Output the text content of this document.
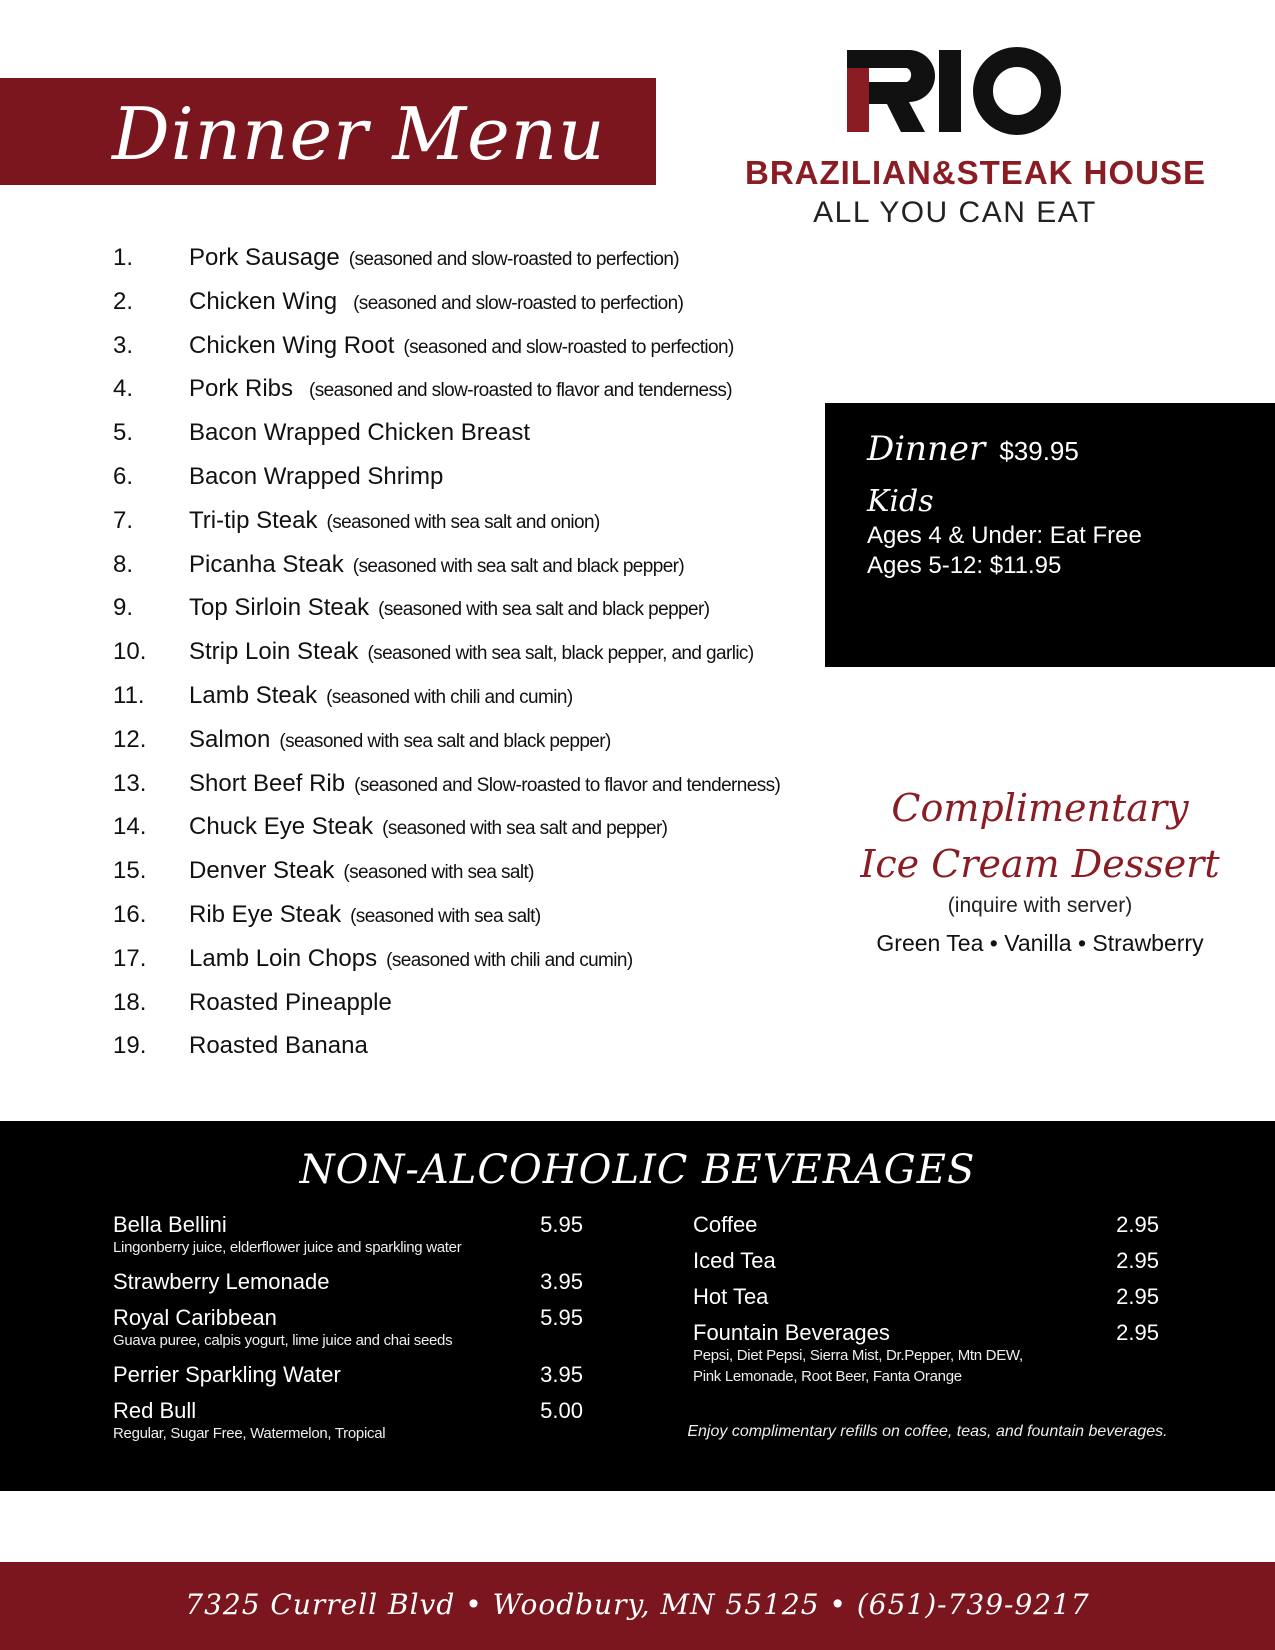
Dinner Menu	BRAZILIAN&STEAK HOUSE
ALL YOU CAN EAT
1.	Pork Sausage (seasoned and slow-roasted to perfection)
2.	Chicken Wing (seasoned and slow-roasted to perfection)
3.	Chicken Wing Root (seasoned and slow-roasted to perfection)
4.	Pork Ribs (seasoned and slow-roasted to flavor and tenderness)
5.	Bacon Wrapped Chicken Breast
6.	Bacon Wrapped Shrimp
7.	Tri-tip Steak (seasoned with sea salt and onion)
8.	Picanha Steak (seasoned with sea salt and black pepper)
9.	Top Sirloin Steak (seasoned with sea salt and black pepper)
10.	Strip Loin Steak (seasoned with sea salt, black pepper, and garlic)
11.	Lamb Steak (seasoned with chili and cumin)
12.	Salmon (seasoned with sea salt and black pepper)
13.	Short Beef Rib (seasoned and Slow-roasted to flavor and tenderness)
14.	Chuck Eye Steak (seasoned with sea salt and pepper)
15.	Denver Steak (seasoned with sea salt)
16.	Rib Eye Steak (seasoned with sea salt)
17.	Lamb Loin Chops (seasoned with chili and cumin)
18.	Roasted Pineapple
19.	Roasted Banana
Dinner $39.95
Kids
Ages 4 & Under: Eat Free
Ages 5-12: $11.95
Complimentary
Ice Cream Dessert
(inquire with server)
Green Tea • Vanilla • Strawberry
NON-ALCOHOLIC BEVERAGES
Bella Bellini	5.95
Lingonberry juice, elderflower juice and sparkling water
Strawberry Lemonade	3.95
Royal Caribbean	5.95
Guava puree, calpis yogurt, lime juice and chai seeds
Perrier Sparkling Water	3.95
Red Bull	5.00
Regular, Sugar Free, Watermelon, Tropical
Coffee	2.95
Iced Tea	2.95
Hot Tea	2.95
Fountain Beverages	2.95
Pepsi, Diet Pepsi, Sierra Mist, Dr.Pepper, Mtn DEW,
Pink Lemonade, Root Beer, Fanta Orange
Enjoy complimentary refills on coffee, teas, and fountain beverages.
7325 Currell Blvd • Woodbury, MN 55125 • (651)-739-9217
